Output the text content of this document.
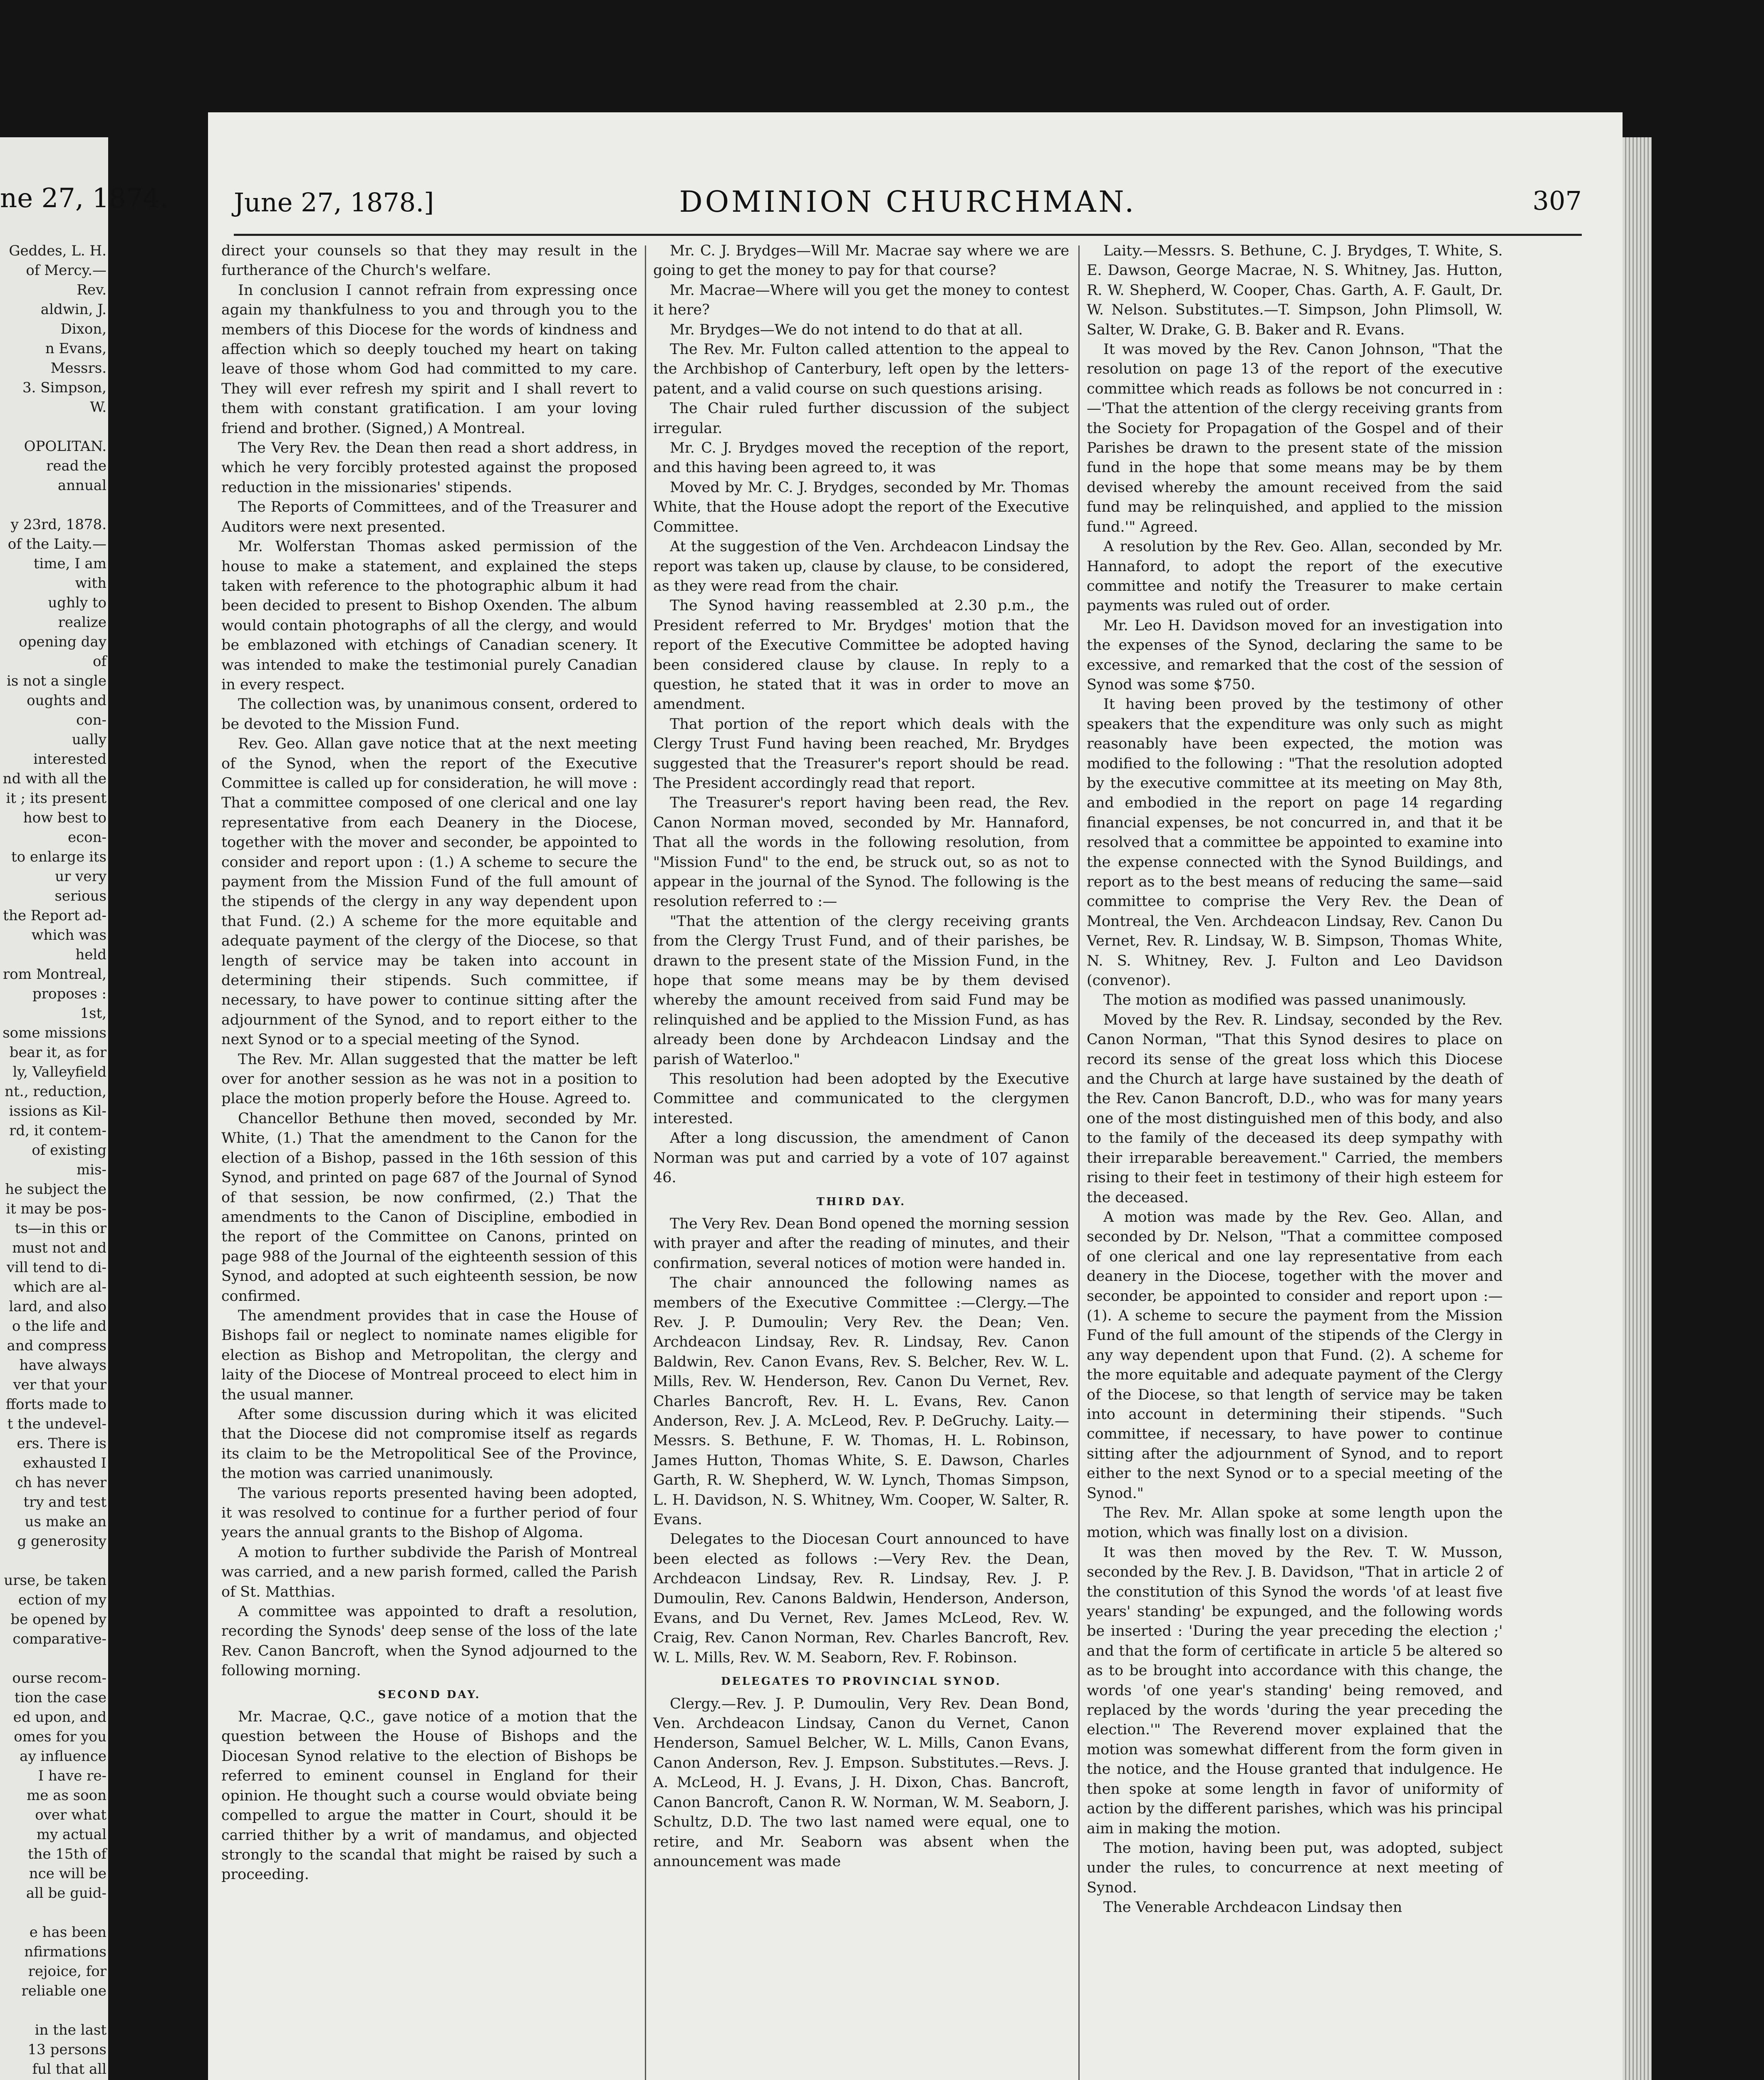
ne 27, 1874.
Geddes, L. H.
of Mercy.—Rev.
aldwin, J. Dixon,
n Evans, Messrs.
3. Simpson, W.

OPOLITAN.
read the annual

y 23rd, 1878.
of the Laity.—
time, I am with
ughly to realize
opening day of
is not a single
oughts and con-
ually interested
nd with all the
it ; its present
how best to econ-
to enlarge its
ur very serious
the Report ad-
which was held
rom Montreal,
proposes : 1st,
some missions
bear it, as for
ly, Valleyfield
nt., reduction,
issions as Kil-
rd, it contem-
of existing mis-
he subject the
it may be pos-
ts—in this or
must not and
vill tend to di-
which are al-
lard, and also
o the life and
and compress
have always
ver that your
fforts made to
t the undevel-
ers. There is
exhausted I
ch has never
try and test
us make an
g generosity

urse, be taken
ection of my
be opened by
comparative-

ourse recom-
tion the case
ed upon, and
omes for you
ay influence
I have re-
me as soon
over what
my actual
the 15th of
nce will be
all be guid-

e has been
nfirmations
rejoice, for
reliable one

in the last
13 persons
ful that all

June 27, 1878.]	DOMINION CHURCHMAN.	307

direct your counsels so that they may result in the furtherance of the Church's welfare.

In conclusion I cannot refrain from expressing once again my thankfulness to you and through you to the members of this Diocese for the words of kindness and affection which so deeply touched my heart on taking leave of those whom God had committed to my care. They will ever refresh my spirit and I shall revert to them with constant gratification. I am your loving friend and brother. (Signed,) A Montreal.

The Very Rev. the Dean then read a short address, in which he very forcibly protested against the proposed reduction in the missionaries' stipends.

The Reports of Committees, and of the Treasurer and Auditors were next presented.

Mr. Wolferstan Thomas asked permission of the house to make a statement, and explained the steps taken with reference to the photographic album it had been decided to present to Bishop Oxenden. The album would contain photographs of all the clergy, and would be emblazoned with etchings of Canadian scenery. It was intended to make the testimonial purely Canadian in every respect.

The collection was, by unanimous consent, ordered to be devoted to the Mission Fund.

Rev. Geo. Allan gave notice that at the next meeting of the Synod, when the report of the Executive Committee is called up for consideration, he will move : That a committee composed of one clerical and one lay representative from each Deanery in the Diocese, together with the mover and seconder, be appointed to consider and report upon : (1.) A scheme to secure the payment from the Mission Fund of the full amount of the stipends of the clergy in any way dependent upon that Fund. (2.) A scheme for the more equitable and adequate payment of the clergy of the Diocese, so that length of service may be taken into account in determining their stipends. Such committee, if necessary, to have power to continue sitting after the adjournment of the Synod, and to report either to the next Synod or to a special meeting of the Synod.

The Rev. Mr. Allan suggested that the matter be left over for another session as he was not in a position to place the motion properly before the House. Agreed to.

Chancellor Bethune then moved, seconded by Mr. White, (1.) That the amendment to the Canon for the election of a Bishop, passed in the 16th session of this Synod, and printed on page 687 of the Journal of Synod of that session, be now confirmed, (2.) That the amendments to the Canon of Discipline, embodied in the report of the Committee on Canons, printed on page 988 of the Journal of the eighteenth session of this Synod, and adopted at such eighteenth session, be now confirmed.

The amendment provides that in case the House of Bishops fail or neglect to nominate names eligible for election as Bishop and Metropolitan, the clergy and laity of the Diocese of Montreal proceed to elect him in the usual manner.

After some discussion during which it was elicited that the Diocese did not compromise itself as regards its claim to be the Metropolitical See of the Province, the motion was carried unanimously.

The various reports presented having been adopted, it was resolved to continue for a further period of four years the annual grants to the Bishop of Algoma.

A motion to further subdivide the Parish of Montreal was carried, and a new parish formed, called the Parish of St. Matthias.

A committee was appointed to draft a resolution, recording the Synods' deep sense of the loss of the late Rev. Canon Bancroft, when the Synod adjourned to the following morning.

SECOND DAY.

Mr. Macrae, Q.C., gave notice of a motion that the question between the House of Bishops and the Diocesan Synod relative to the election of Bishops be referred to eminent counsel in England for their opinion. He thought such a course would obviate being compelled to argue the matter in Court, should it be carried thither by a writ of mandamus, and objected strongly to the scandal that might be raised by such a proceeding.

Mr. C. J. Brydges—Will Mr. Macrae say where we are going to get the money to pay for that course?

Mr. Macrae—Where will you get the money to contest it here?

Mr. Brydges—We do not intend to do that at all.

The Rev. Mr. Fulton called attention to the appeal to the Archbishop of Canterbury, left open by the letters-patent, and a valid course on such questions arising.

The Chair ruled further discussion of the subject irregular.

Mr. C. J. Brydges moved the reception of the report, and this having been agreed to, it was

Moved by Mr. C. J. Brydges, seconded by Mr. Thomas White, that the House adopt the report of the Executive Committee.

At the suggestion of the Ven. Archdeacon Lindsay the report was taken up, clause by clause, to be considered, as they were read from the chair.

The Synod having reassembled at 2.30 p.m., the President referred to Mr. Brydges' motion that the report of the Executive Committee be adopted having been considered clause by clause. In reply to a question, he stated that it was in order to move an amendment.

That portion of the report which deals with the Clergy Trust Fund having been reached, Mr. Brydges suggested that the Treasurer's report should be read. The President accordingly read that report.

The Treasurer's report having been read, the Rev. Canon Norman moved, seconded by Mr. Hannaford, That all the words in the following resolution, from "Mission Fund" to the end, be struck out, so as not to appear in the journal of the Synod. The following is the resolution referred to :—

"That the attention of the clergy receiving grants from the Clergy Trust Fund, and of their parishes, be drawn to the present state of the Mission Fund, in the hope that some means may be by them devised whereby the amount received from said Fund may be relinquished and be applied to the Mission Fund, as has already been done by Archdeacon Lindsay and the parish of Waterloo."

This resolution had been adopted by the Executive Committee and communicated to the clergymen interested.

After a long discussion, the amendment of Canon Norman was put and carried by a vote of 107 against 46.

THIRD DAY.

The Very Rev. Dean Bond opened the morning session with prayer and after the reading of minutes, and their confirmation, several notices of motion were handed in.

The chair announced the following names as members of the Executive Committee :—Clergy.—The Rev. J. P. Dumoulin; Very Rev. the Dean; Ven. Archdeacon Lindsay, Rev. R. Lindsay, Rev. Canon Baldwin, Rev. Canon Evans, Rev. S. Belcher, Rev. W. L. Mills, Rev. W. Henderson, Rev. Canon Du Vernet, Rev. Charles Bancroft, Rev. H. L. Evans, Rev. Canon Anderson, Rev. J. A. McLeod, Rev. P. DeGruchy. Laity.—Messrs. S. Bethune, F. W. Thomas, H. L. Robinson, James Hutton, Thomas White, S. E. Dawson, Charles Garth, R. W. Shepherd, W. W. Lynch, Thomas Simpson, L. H. Davidson, N. S. Whitney, Wm. Cooper, W. Salter, R. Evans.

Delegates to the Diocesan Court announced to have been elected as follows :—Very Rev. the Dean, Archdeacon Lindsay, Rev. R. Lindsay, Rev. J. P. Dumoulin, Rev. Canons Baldwin, Henderson, Anderson, Evans, and Du Vernet, Rev. James McLeod, Rev. W. Craig, Rev. Canon Norman, Rev. Charles Bancroft, Rev. W. L. Mills, Rev. W. M. Seaborn, Rev. F. Robinson.

DELEGATES TO PROVINCIAL SYNOD.

Clergy.—Rev. J. P. Dumoulin, Very Rev. Dean Bond, Ven. Archdeacon Lindsay, Canon du Vernet, Canon Henderson, Samuel Belcher, W. L. Mills, Canon Evans, Canon Anderson, Rev. J. Empson. Substitutes.—Revs. J. A. McLeod, H. J. Evans, J. H. Dixon, Chas. Bancroft, Canon Bancroft, Canon R. W. Norman, W. M. Seaborn, J. Schultz, D.D. The two last named were equal, one to retire, and Mr. Seaborn was absent when the announcement was made

Laity.—Messrs. S. Bethune, C. J. Brydges, T. White, S. E. Dawson, George Macrae, N. S. Whitney, Jas. Hutton, R. W. Shepherd, W. Cooper, Chas. Garth, A. F. Gault, Dr. W. Nelson. Substitutes.—T. Simpson, John Plimsoll, W. Salter, W. Drake, G. B. Baker and R. Evans.

It was moved by the Rev. Canon Johnson, "That the resolution on page 13 of the report of the executive committee which reads as follows be not concurred in :—'That the attention of the clergy receiving grants from the Society for Propagation of the Gospel and of their Parishes be drawn to the present state of the mission fund in the hope that some means may be by them devised whereby the amount received from the said fund may be relinquished, and applied to the mission fund.'" Agreed.

A resolution by the Rev. Geo. Allan, seconded by Mr. Hannaford, to adopt the report of the executive committee and notify the Treasurer to make certain payments was ruled out of order.

Mr. Leo H. Davidson moved for an investigation into the expenses of the Synod, declaring the same to be excessive, and remarked that the cost of the session of Synod was some $750.

It having been proved by the testimony of other speakers that the expenditure was only such as might reasonably have been expected, the motion was modified to the following : "That the resolution adopted by the executive committee at its meeting on May 8th, and embodied in the report on page 14 regarding financial expenses, be not concurred in, and that it be resolved that a committee be appointed to examine into the expense connected with the Synod Buildings, and report as to the best means of reducing the same—said committee to comprise the Very Rev. the Dean of Montreal, the Ven. Archdeacon Lindsay, Rev. Canon Du Vernet, Rev. R. Lindsay, W. B. Simpson, Thomas White, N. S. Whitney, Rev. J. Fulton and Leo Davidson (convenor).

The motion as modified was passed unanimously.

Moved by the Rev. R. Lindsay, seconded by the Rev. Canon Norman, "That this Synod desires to place on record its sense of the great loss which this Diocese and the Church at large have sustained by the death of the Rev. Canon Bancroft, D.D., who was for many years one of the most distinguished men of this body, and also to the family of the deceased its deep sympathy with their irreparable bereavement." Carried, the members rising to their feet in testimony of their high esteem for the deceased.

A motion was made by the Rev. Geo. Allan, and seconded by Dr. Nelson, "That a committee composed of one clerical and one lay representative from each deanery in the Diocese, together with the mover and seconder, be appointed to consider and report upon :—(1). A scheme to secure the payment from the Mission Fund of the full amount of the stipends of the Clergy in any way dependent upon that Fund. (2). A scheme for the more equitable and adequate payment of the Clergy of the Diocese, so that length of service may be taken into account in determining their stipends. "Such committee, if necessary, to have power to continue sitting after the adjournment of Synod, and to report either to the next Synod or to a special meeting of the Synod."

The Rev. Mr. Allan spoke at some length upon the motion, which was finally lost on a division.

It was then moved by the Rev. T. W. Musson, seconded by the Rev. J. B. Davidson, "That in article 2 of the constitution of this Synod the words 'of at least five years' standing' be expunged, and the following words be inserted : 'During the year preceding the election ;' and that the form of certificate in article 5 be altered so as to be brought into accordance with this change, the words 'of one year's standing' being removed, and replaced by the words 'during the year preceding the election.'" The Reverend mover explained that the motion was somewhat different from the form given in the notice, and the House granted that indulgence. He then spoke at some length in favor of uniformity of action by the different parishes, which was his principal aim in making the motion.

The motion, having been put, was adopted, subject under the rules, to concurrence at next meeting of Synod.

The Venerable Archdeacon Lindsay then
